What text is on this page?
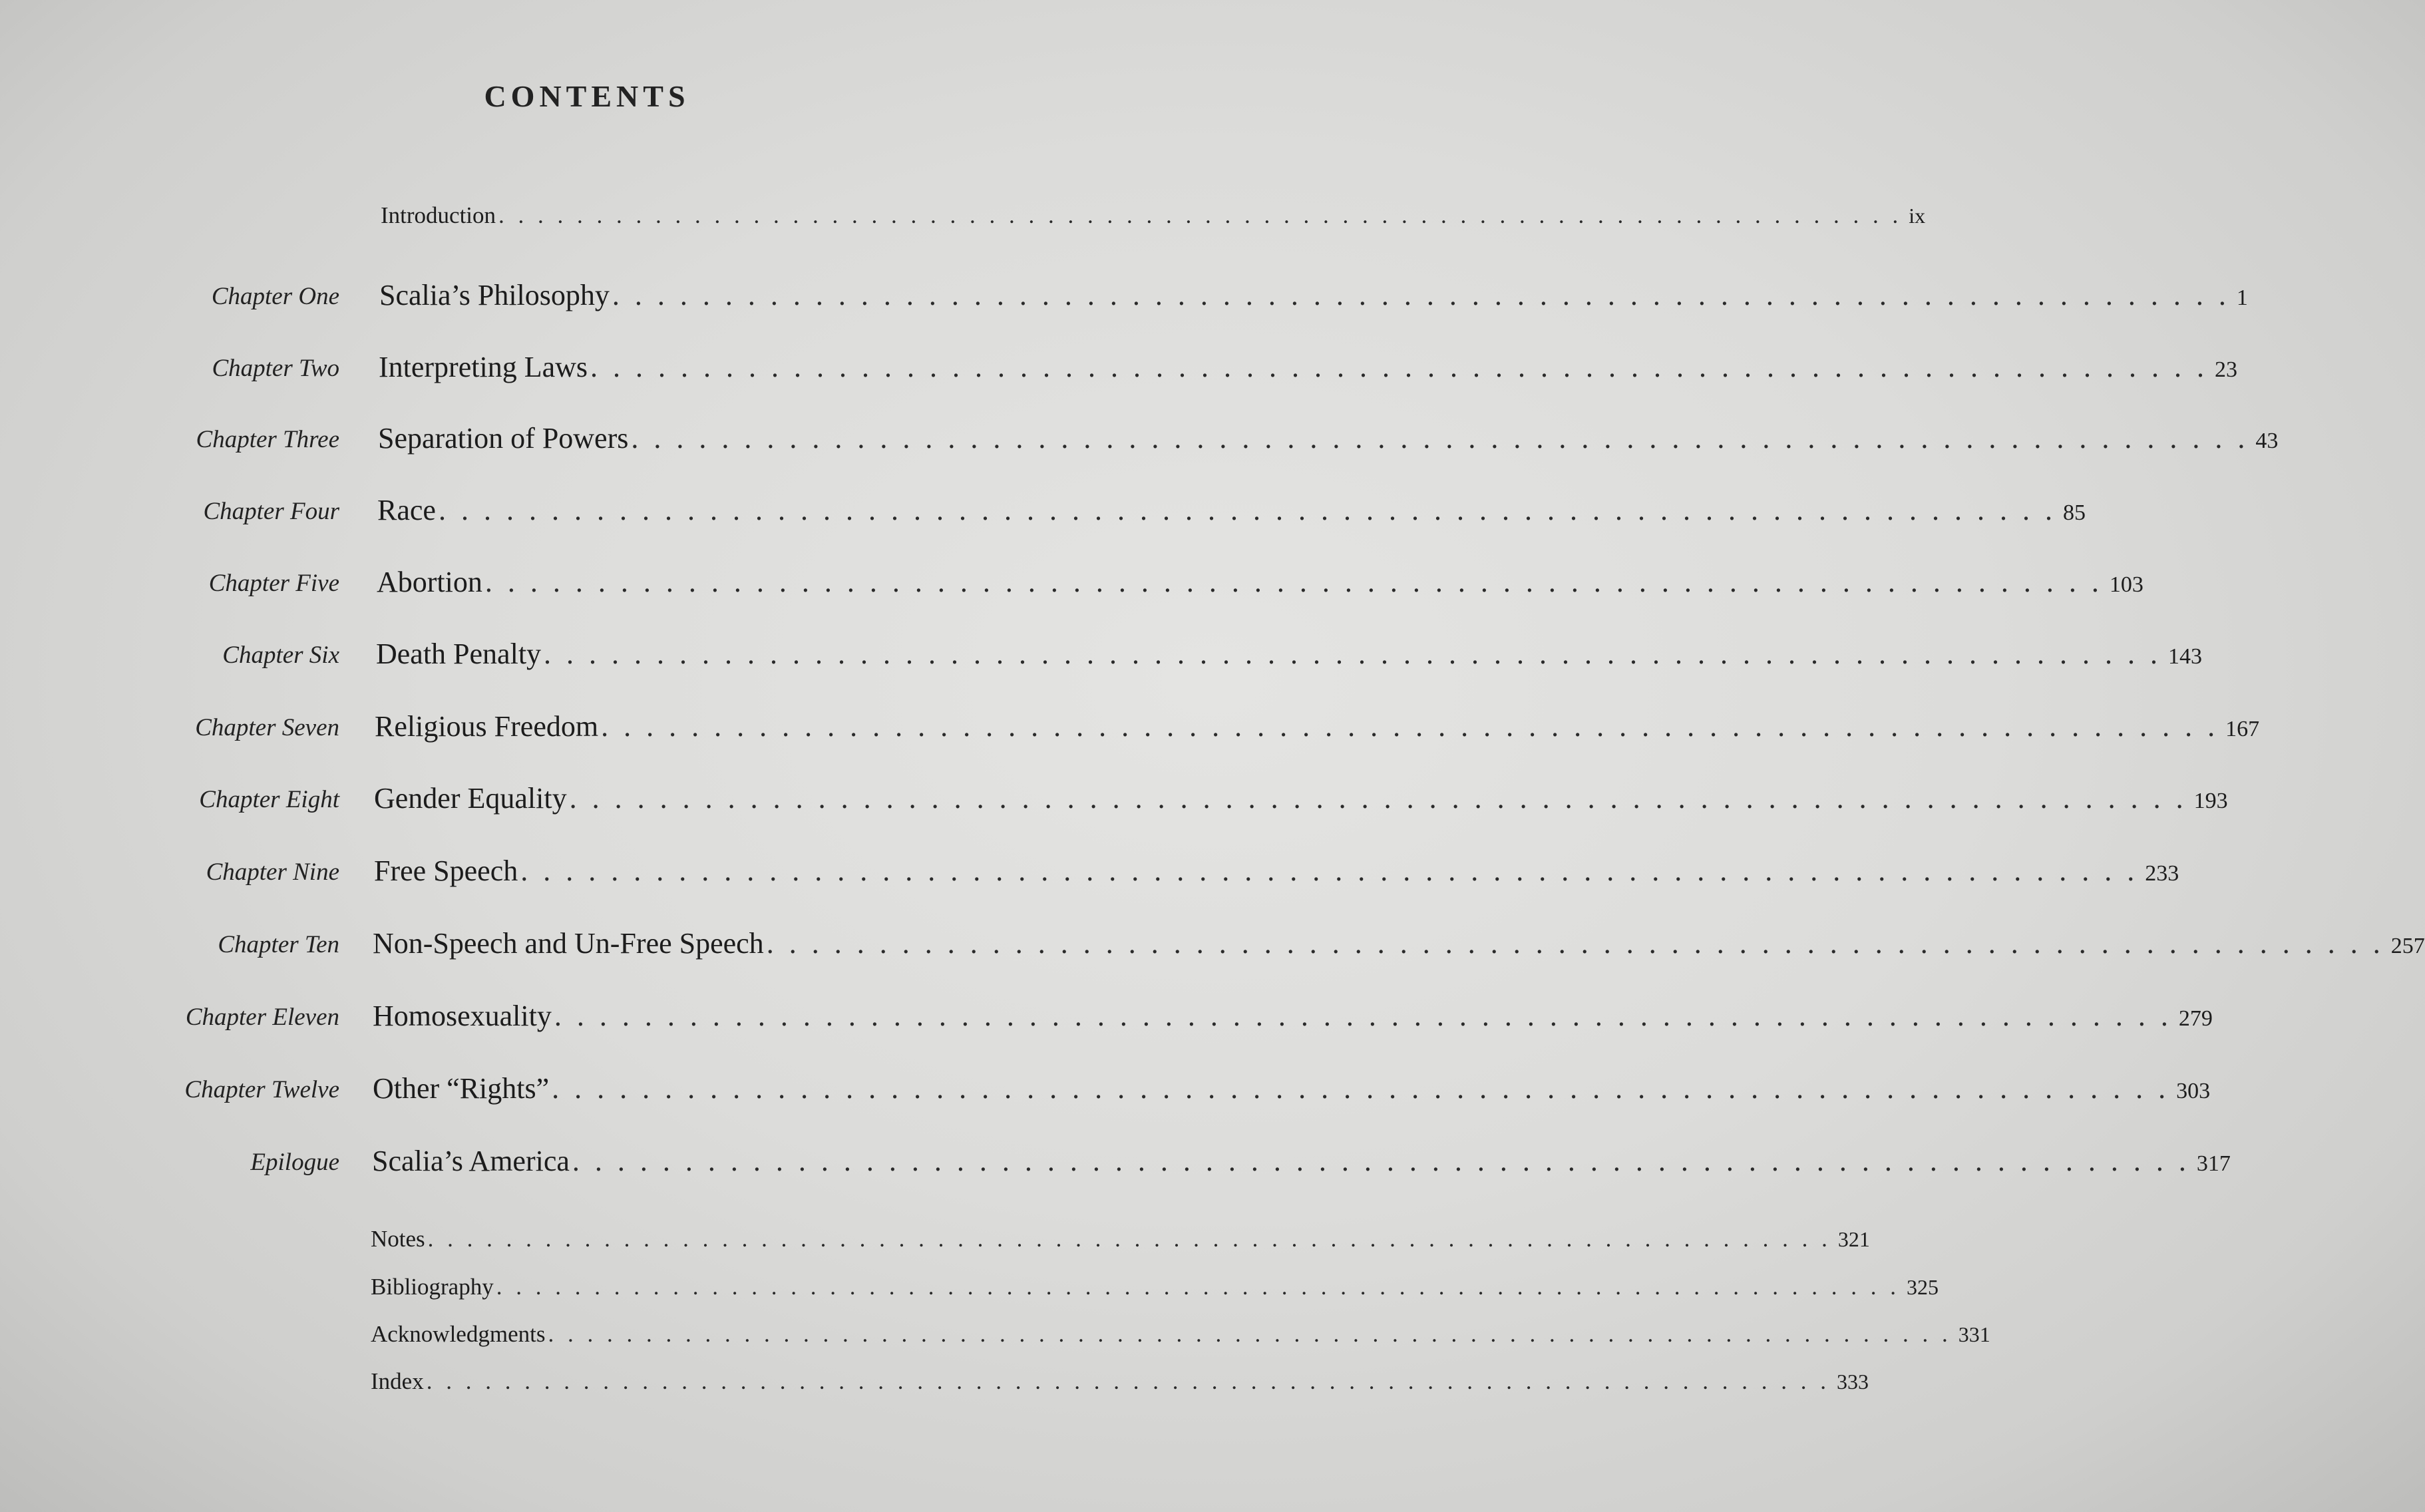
CONTENTS
Introduction . . . . . . . . . . . . . . . . . . . . . . . . . . . . . . . . . . . . . . . . . . . . . . . . . . . . . . . . . . . . . . . . . . . . . . . . ix
Chapter One Scalia’s Philosophy . . . . . . . . . . . . . . . . . . . . . . . . . . . . . . . . . . . . . . . . . . . . . . . . . . . . . . . . . . . . . . . . . . . . . . . . 1
Chapter Two Interpreting Laws . . . . . . . . . . . . . . . . . . . . . . . . . . . . . . . . . . . . . . . . . . . . . . . . . . . . . . . . . . . . . . . . . . . . . . . . 23
Chapter Three Separation of Powers . . . . . . . . . . . . . . . . . . . . . . . . . . . . . . . . . . . . . . . . . . . . . . . . . . . . . . . . . . . . . . . . . . . . . . . . 43
Chapter Four Race . . . . . . . . . . . . . . . . . . . . . . . . . . . . . . . . . . . . . . . . . . . . . . . . . . . . . . . . . . . . . . . . . . . . . . . . 85
Chapter Five Abortion . . . . . . . . . . . . . . . . . . . . . . . . . . . . . . . . . . . . . . . . . . . . . . . . . . . . . . . . . . . . . . . . . . . . . . . . 103
Chapter Six Death Penalty . . . . . . . . . . . . . . . . . . . . . . . . . . . . . . . . . . . . . . . . . . . . . . . . . . . . . . . . . . . . . . . . . . . . . . . . 143
Chapter Seven Religious Freedom . . . . . . . . . . . . . . . . . . . . . . . . . . . . . . . . . . . . . . . . . . . . . . . . . . . . . . . . . . . . . . . . . . . . . . . . 167
Chapter Eight Gender Equality . . . . . . . . . . . . . . . . . . . . . . . . . . . . . . . . . . . . . . . . . . . . . . . . . . . . . . . . . . . . . . . . . . . . . . . . 193
Chapter Nine Free Speech . . . . . . . . . . . . . . . . . . . . . . . . . . . . . . . . . . . . . . . . . . . . . . . . . . . . . . . . . . . . . . . . . . . . . . . . 233
Chapter Ten Non-Speech and Un-Free Speech . . . . . . . . . . . . . . . . . . . . . . . . . . . . . . . . . . . . . . . . . . . . . . . . . . . . . . . . . . . . . . . . . . . . . . . . 257
Chapter Eleven Homosexuality . . . . . . . . . . . . . . . . . . . . . . . . . . . . . . . . . . . . . . . . . . . . . . . . . . . . . . . . . . . . . . . . . . . . . . . . 279
Chapter Twelve Other “Rights” . . . . . . . . . . . . . . . . . . . . . . . . . . . . . . . . . . . . . . . . . . . . . . . . . . . . . . . . . . . . . . . . . . . . . . . . 303
Epilogue Scalia’s America . . . . . . . . . . . . . . . . . . . . . . . . . . . . . . . . . . . . . . . . . . . . . . . . . . . . . . . . . . . . . . . . . . . . . . . . 317
Notes . . . . . . . . . . . . . . . . . . . . . . . . . . . . . . . . . . . . . . . . . . . . . . . . . . . . . . . . . . . . . . . . . . . . . . . . 321
Bibliography . . . . . . . . . . . . . . . . . . . . . . . . . . . . . . . . . . . . . . . . . . . . . . . . . . . . . . . . . . . . . . . . . . . . . . . . 325
Acknowledgments . . . . . . . . . . . . . . . . . . . . . . . . . . . . . . . . . . . . . . . . . . . . . . . . . . . . . . . . . . . . . . . . . . . . . . . . 331
Index . . . . . . . . . . . . . . . . . . . . . . . . . . . . . . . . . . . . . . . . . . . . . . . . . . . . . . . . . . . . . . . . . . . . . . . . 333
